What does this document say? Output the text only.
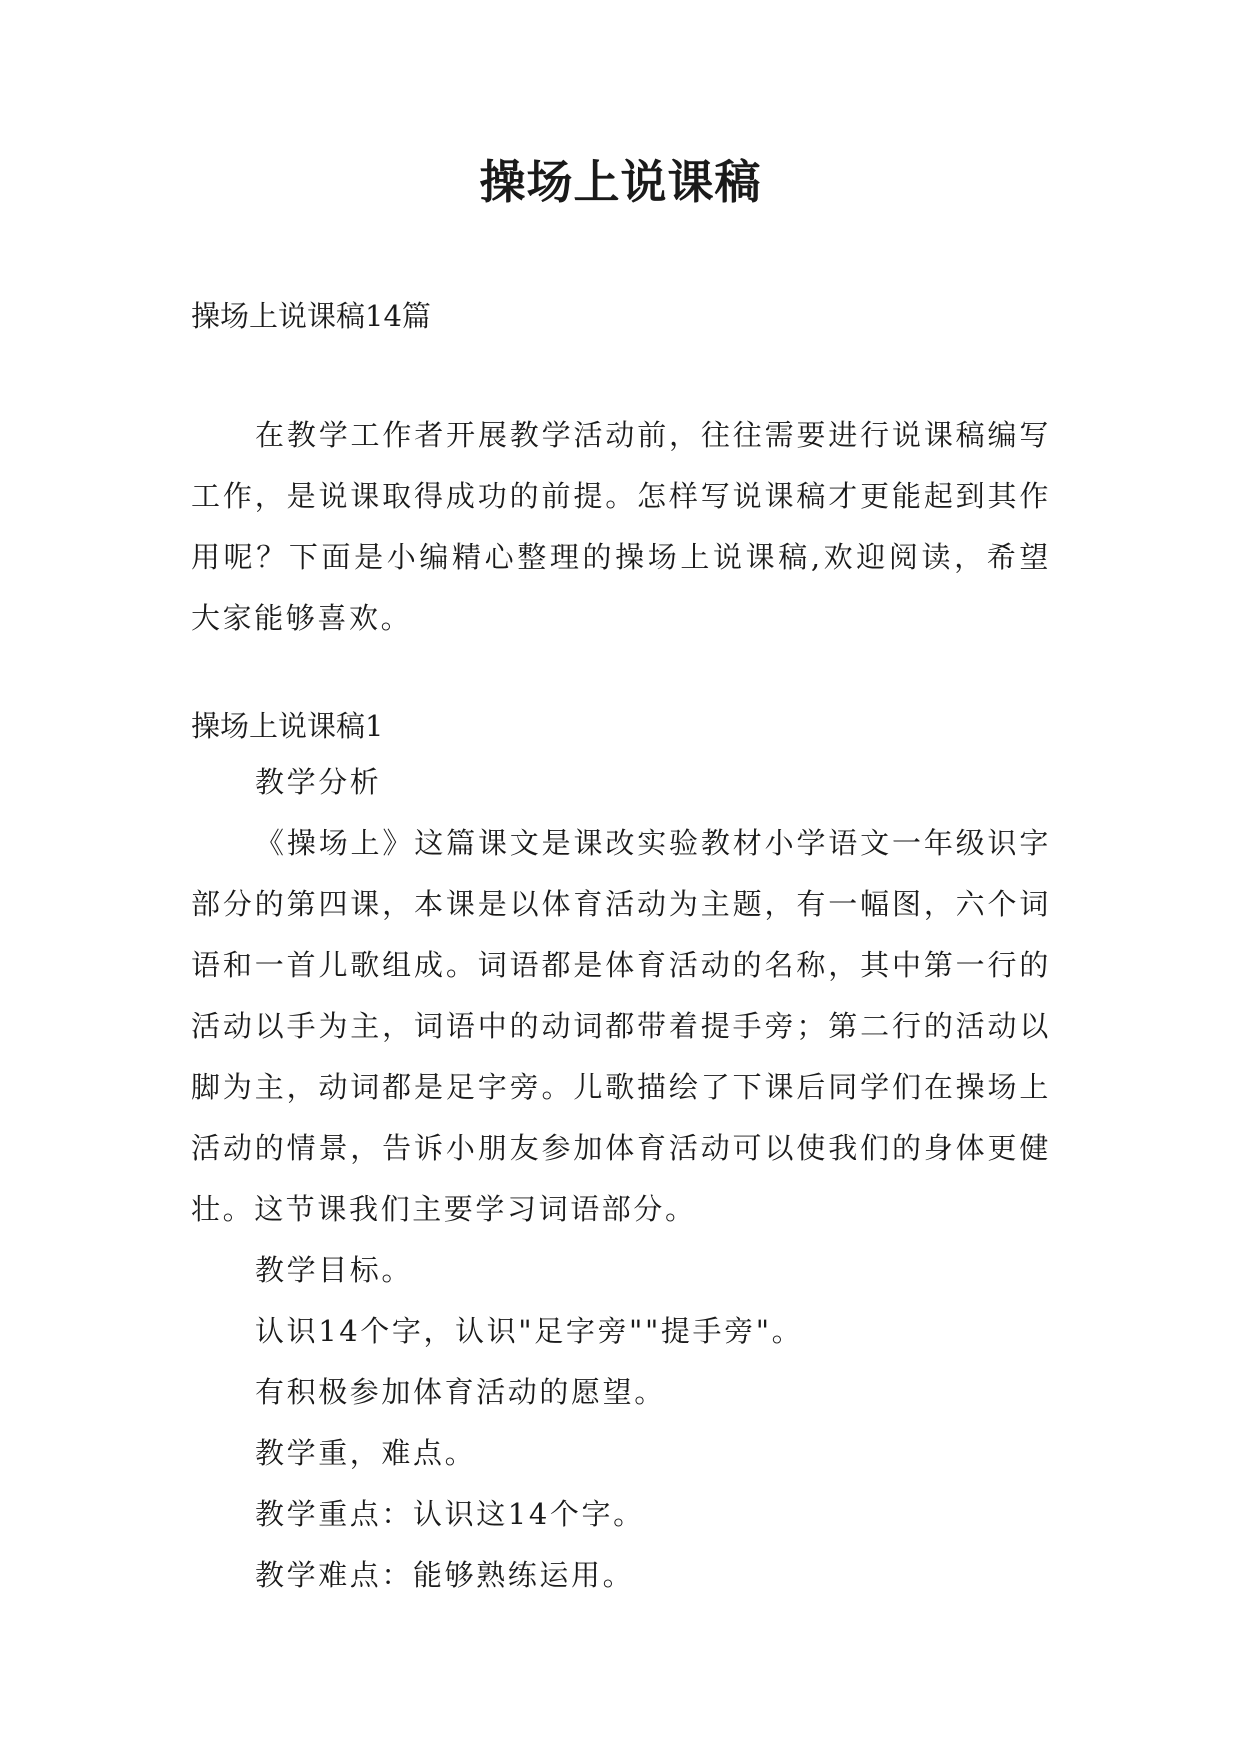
操场上说课稿
操场上说课稿14篇
在教学工作者开展教学活动前，往往需要进行说课稿编写工作，是说课取得成功的前提。怎样写说课稿才更能起到其作用呢？下面是小编精心整理的操场上说课稿,欢迎阅读，希望大家能够喜欢。
操场上说课稿1

教学分析

《操场上》这篇课文是课改实验教材小学语文一年级识字部分的第四课，本课是以体育活动为主题，有一幅图，六个词语和一首儿歌组成。词语都是体育活动的名称，其中第一行的活动以手为主，词语中的动词都带着提手旁；第二行的活动以脚为主，动词都是足字旁。儿歌描绘了下课后同学们在操场上活动的情景，告诉小朋友参加体育活动可以使我们的身体更健壮。这节课我们主要学习词语部分。

教学目标。

认识14个字，认识"足字旁""提手旁"。

有积极参加体育活动的愿望。

教学重，难点。

教学重点：认识这14个字。

教学难点：能够熟练运用。
